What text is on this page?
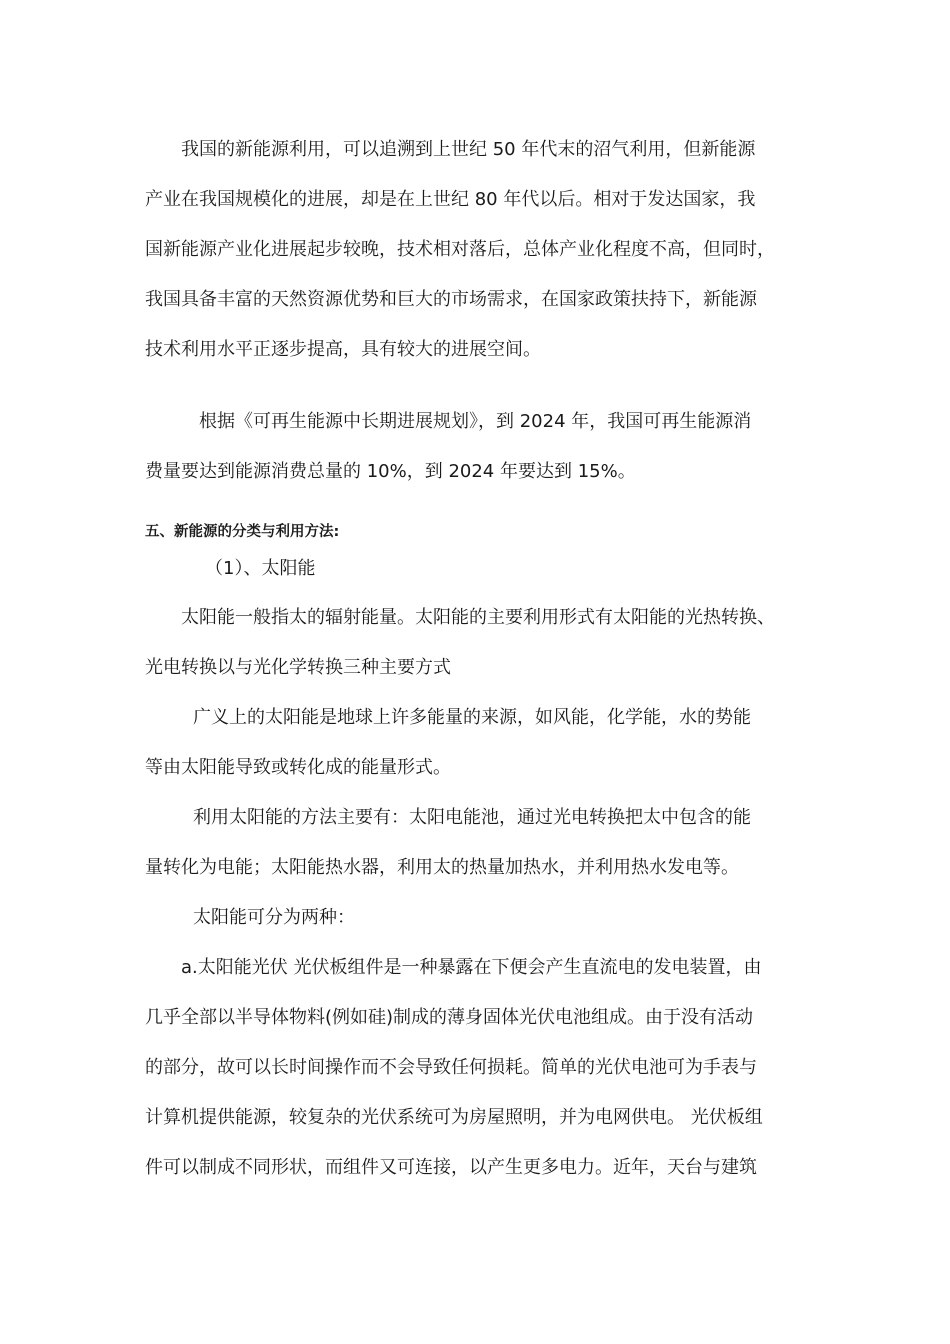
我国的新能源利用，可以追溯到上世纪 50 年代末的沼气利用，但新能源

产业在我国规模化的进展，却是在上世纪 80 年代以后。相对于发达国家，我

国新能源产业化进展起步较晚，技术相对落后，总体产业化程度不高，但同时，

我国具备丰富的天然资源优势和巨大的市场需求，在国家政策扶持下，新能源

技术利用水平正逐步提高，具有较大的进展空间。

根据《可再生能源中长期进展规划》，到 2024 年，我国可再生能源消

费量要达到能源消费总量的 10%，到 2024 年要达到 15%。

五、新能源的分类与利用方法:

（1）、太阳能

太阳能一般指太的辐射能量。太阳能的主要利用形式有太阳能的光热转换、

光电转换以与光化学转换三种主要方式

广义上的太阳能是地球上许多能量的来源，如风能，化学能，水的势能

等由太阳能导致或转化成的能量形式。

利用太阳能的方法主要有：太阳电能池，通过光电转换把太中包含的能

量转化为电能；太阳能热水器，利用太的热量加热水，并利用热水发电等。

太阳能可分为两种：

a.太阳能光伏 光伏板组件是一种暴露在下便会产生直流电的发电装置，由

几乎全部以半导体物料(例如硅)制成的薄身固体光伏电池组成。由于没有活动

的部分，故可以长时间操作而不会导致任何损耗。简单的光伏电池可为手表与

计算机提供能源，较复杂的光伏系统可为房屋照明，并为电网供电。 光伏板组

件可以制成不同形状，而组件又可连接，以产生更多电力。近年，天台与建筑
